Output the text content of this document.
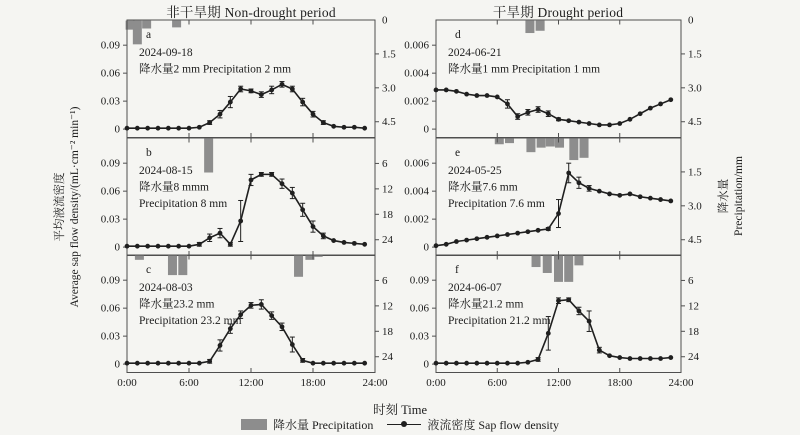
非干旱期 Non-drought period	干旱期 Drought period
平均液流密度 Average sap flow density/(mL·cm⁻² min⁻¹)	降水量 Precipitation/mm
0.09
0.06
0.03
0
0
1.5
3.0
4.5
a
2024-09-18
降水量2 mm Precipitation 2 mm
0.09
0.06
0.03
0
6
12
18
24
b
2024-08-15
降水量8 mmm
Precipitation 8 mm
0.09
0.06
0.03
0
6
12
18
24
c
2024-08-03
降水量23.2 mm
Precipitation 23.2 mm
0.006
0.004
0.002
0
0
1.5
3.0
4.5
d
2024-06-21
降水量1 mm Precipitation 1 mm
0.006
0.004
0.002
0
1.5
3.0
4.5
e
2024-05-25
降水量7.6 mm
Precipitation 7.6 mm
0.09
0.06
0.03
0
6
12
18
24
f
2024-06-07
降水量21.2 mm
Precipitation 21.2 mm
0:00	6:00	12:00	18:00	24:00	0:00	6:00	12:00	18:00	24:00
时刻 Time
降水量 Precipitation	液流密度 Sap flow density
